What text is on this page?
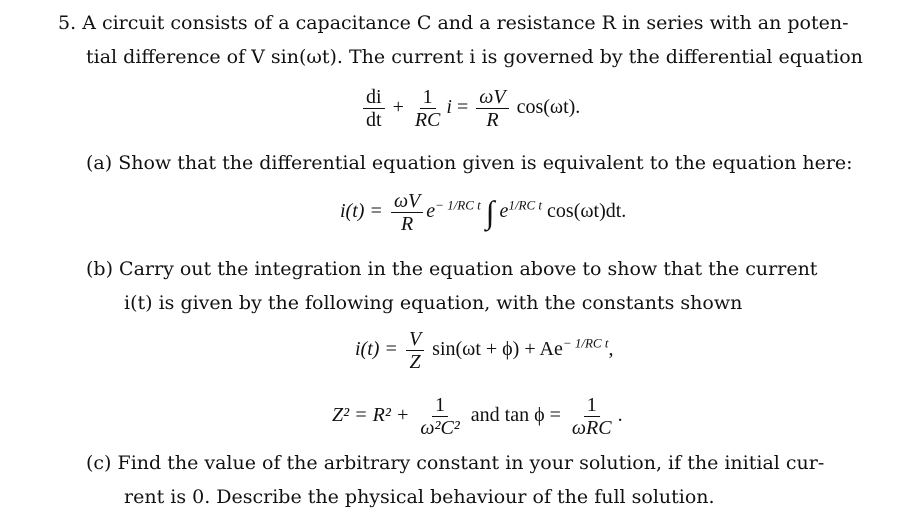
5. A circuit consists of a capacitance C and a resistance R in series with an poten-
tial difference of V sin(ωt). The current i is governed by the differential equation
$\frac{di}{dt} + \frac{1}{RC}$ $i = \frac{\omega V}{R} \cos(\omega t)$.
(a) Show that the differential equation given is equivalent to the equation here:
$i(t) = \frac{\omega V}{R} e^{- 1/RC t}$ ∫ $e^{1/RC t}$ cos(ωt)dt.
(b) Carry out the integration in the equation above to show that the current
i(t) is given by the following equation, with the constants shown
$i(t) = \frac{V}{Z} \sin(\omega t + \phi) + Ae^{- 1/RC t}$,
$Z^2 = R^2 + \frac{1}{\text{ω²C²}}$ and $\tan \phi = \frac{1}{\text{ωRC}}$ .
(c) Find the value of the arbitrary constant in your solution, if the initial cur-
rent is 0. Describe the physical behaviour of the full solution.
